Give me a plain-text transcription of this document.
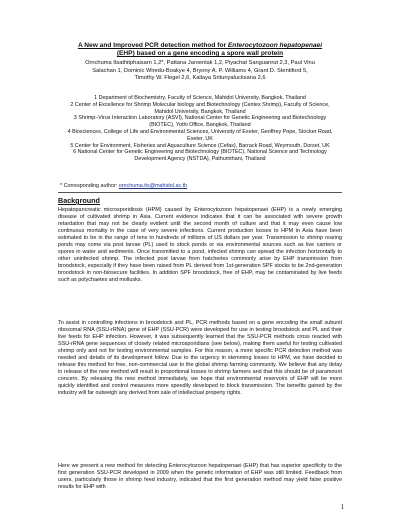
A New and Improved PCR detection method for Enterocytozoon hepatopenaei
(EHP) based on a gene encoding a spore wall protein
Ornchuma Itsathitphaisarn 1,2*, Pattana Jaroenlak 1,2, Piyachat Sanguanrut 2,3, Paul Vinu
Salachan 1, Dominic Wiredu-Boakye 4, Bryony A. P. Williams 4, Grant D. Stentiford 5,
Timothy W. Flegel 2,6, Kallaya Sritunyalucksana 2,6
1 Department of Biochemistry, Faculty of Science, Mahidol University, Bangkok, Thailand
2 Center of Excellence for Shrimp Molecular biology and Biotechnology (Centex Shrimp), Faculty of Science, Mahidol University, Bangkok, Thailand
3 Shrimp–Virus Interaction Laboratory (ASVI), National Center for Genetic Engineering and Biotechnology (BIOTEC), Yothi Office, Bangkok, Thailand
4 Biosciences, College of Life and Environmental Sciences, University of Exeter, Geoffrey Pope, Stocker Road, Exeter, UK
5 Center for Environment, Fisheries and Aquaculture Science (Cefas), Barrack Road, Weymouth, Dorset, UK
6 National Center for Genetic Engineering and Biotechnology (BIOTEC), National Science and Technology Development Agency (NSTDA), Pathumthani, Thailand
* Corresponding author: ornchuma.its@mahidol.ac.th
Background
Hepatopancreatic microsporidiosis (HPM) caused by Enterocytozoon hepatopenaei (EHP) is a newly emerging disease of cultivated shrimp in Asia. Current evidence indicates that it can be associated with severe growth retardation that may not be clearly evident until the second month of culture and that it may even cause low continuous mortality in the case of very severe infections. Current production losses to HPM in Asia have been estimated to be in the range of tens to hundreds of millions of US dollars per year. Transmission to shrimp rearing ponds may come via post larvae (PL) used to stock ponds or via environmental sources such as live carriers or spores in water and sediments. Once transmitted to a pond, infected shrimp can spread the infection horizontally to other uninfected shrimp. The infected post larvae from hatcheries commonly arise by EHP transmission from broodstock, especially if they have been raised from PL derived from 1st-generation SPF stocks to be 2nd-generation broodstock in non-biosecure facilities. In addition SPF broodstock, free of EHP, may be contaminated by live feeds such as polychaetes and mollusks.
To assist in controlling infections in broodstock and PL, PCR methods based on a gene encoding the small subunit ribosomal RNA (SSU-rRNA) gene of EHP (SSU-PCR) were developed for use in testing broodstock and PL and their live feeds for EHP infection. However, it was subsequently learned that the SSU-PCR methods cross reacted with SSU-rRNA gene sequences of closely related microsporidians (see below), making them useful for testing cultivated shrimp only and not for testing environmental samples. For this reason, a more specific PCR detection method was needed and details of its development follow. Due to the urgency in stemming losses to HPM, we have decided to release this method for free, non-commercial use to the global shrimp farming community. We believe that any delay in release of the new method will result in proportional losses to shrimp farmers and that this should be of paramount concern. By releasing the new method immediately, we hope that environmental reservoirs of EHP will be more quickly identified and control measures more speedily developed to block transmission. The benefits gained by the industry will far outweigh any derived from sale of intellectual property rights.
Here we present a new method for detecting Enterocytozoon hepatopenaei (EHP) that has superior specificity to the first generation SSU-PCR developed in 2009 when the genetic information of EHP was still limited. Feedback from users, particularly those in shrimp feed industry, indicated that the first generation method may yield false positive results for EHP with
1
